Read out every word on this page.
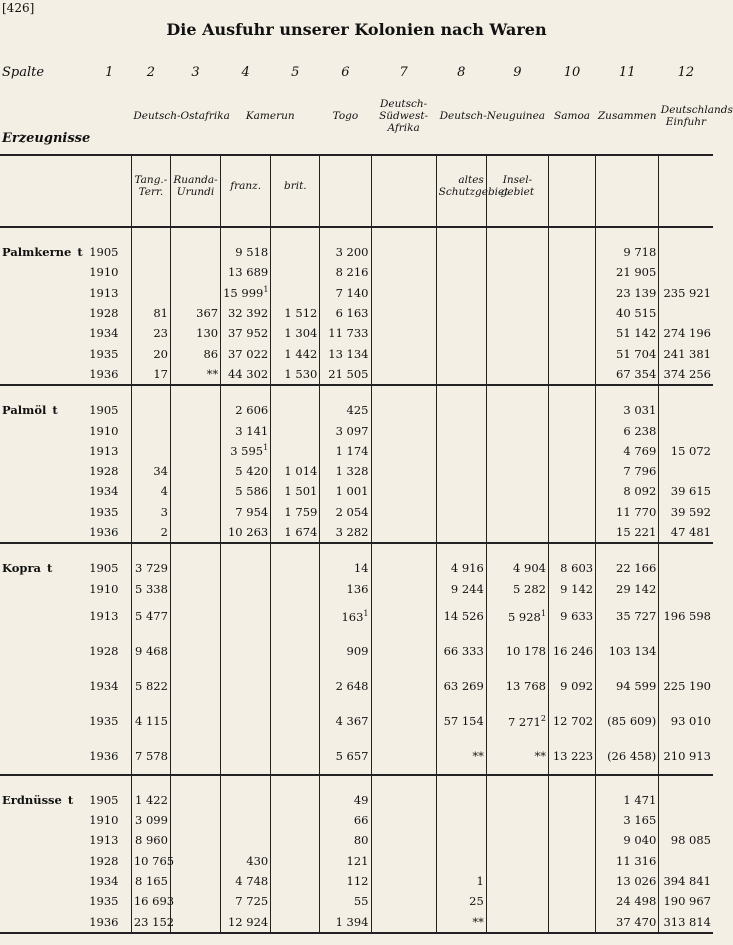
[426]
Die Ausfuhr unserer Kolonien nach Waren
Spalte	1	2	3	4	5	6	7	8	9	10	11	12
Erzeugnisse		Deutsch-Ostafrika		Kamerun		Togo	Deutsch-Südwest-Afrika	Deutsch-Neuguinea		Samoa	Zusammen	Deutschlands Einfuhr
		Tang.-Terr.	Ruanda-Urundi	franz.	brit.			altes Schutzgebiet	Insel-gebiet			

Palmkerne t	1905			9 518		3 200					9 718	
	1910			13 689		8 216					21 905	
	1913			15 $999^1$		7 140					23 139	235 921
	1928	81	367	32 392	1 512	6 163					40 515	
	1934	23	130	37 952	1 304	11 733					51 142	274 196
	1935	20	86	37 022	1 442	13 134					51 704	241 381
	1936	17	**	44 302	1 530	21 505					67 354	374 256

Palmöl t	1905			2 606		425					3 031	
	1910			3 141		3 097					6 238	
	1913			3 $595^1$		1 174					4 769	15 072
	1928	34		5 420	1 014	1 328					7 796	
	1934	4		5 586	1 501	1 001					8 092	39 615
	1935	3		7 954	1 759	2 054					11 770	39 592
	1936	2		10 263	1 674	3 282					15 221	47 481

Kopra t	1905	3 729				14		4 916	4 904	8 603	22 166	
	1910	5 338				136		9 244	5 282	9 142	29 142	
	1913	5 477				$163^1$		14 526	5 $928^1$	9 633	35 727	196 598
	1928	9 468				909		66 333	10 178	16 246	103 134	
	1934	5 822				2 648		63 269	13 768	9 092	94 599	225 190
	1935	4 115				4 367		57 154	7 $271^2$	12 702	(85 609)	93 010
	1936	7 578				5 657		**	**	13 223	(26 458)	210 913

Erdnüsse t	1905	1 422				49					1 471	
	1910	3 099				66					3 165	
	1913	8 960				80					9 040	98 085
	1928	10 765		430		121					11 316	
	1934	8 165		4 748		112		1			13 026	394 841
	1935	16 693		7 725		55		25			24 498	190 967
	1936	23 152		12 924		1 394		**			37 470	313 814
